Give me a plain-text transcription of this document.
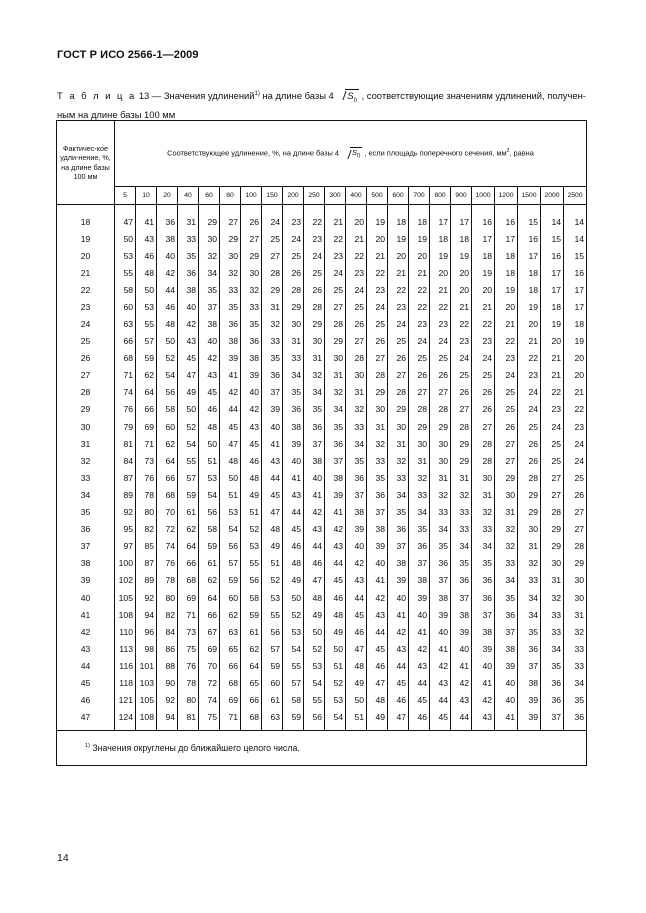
ГОСТ Р ИСО 2566-1—2009
Т а б л и ц а 13 — Значения удлинений$^{1)}$ на длине базы 4 $S_0$ , соответствующие значениям удлинений, получен-ным на длине базы 100 мм
Фактичес-кое удли-нение, %, на длине базы 100 мм	Соответствующее удлинение, %, на длине базы 4 $S_0$ , если площадь поперечного сечения, $мм^2$, равна																					
	5	10	20	40	60	80	100	150	200	250	300	400	500	600	700	800	900	1000	1200	1500	2000	2500
18	47	41	36	31	29	27	26	24	23	22	21	20	19	18	18	17	17	16	16	15	14	14
19	50	43	38	33	30	29	27	25	24	23	22	21	20	19	19	18	18	17	17	16	15	14
20	53	46	40	35	32	30	29	27	25	24	23	22	21	20	20	19	19	18	18	17	16	15
21	55	48	42	36	34	32	30	28	26	25	24	23	22	21	21	20	20	19	18	18	17	16
22	58	50	44	38	35	33	32	29	28	26	25	24	23	22	22	21	20	20	19	18	17	17
23	60	53	46	40	37	35	33	31	29	28	27	25	24	23	22	22	21	21	20	19	18	17
24	63	55	48	42	38	36	35	32	30	29	28	26	25	24	23	23	22	22	21	20	19	18
25	66	57	50	43	40	38	36	33	31	30	29	27	26	25	24	24	23	23	22	21	20	19
26	68	59	52	45	42	39	38	35	33	31	30	28	27	26	25	25	24	24	23	22	21	20
27	71	62	54	47	43	41	39	36	34	32	31	30	28	27	26	26	25	25	24	23	21	20
28	74	64	56	49	45	42	40	37	35	34	32	31	29	28	27	27	26	26	25	24	22	21
29	76	66	58	50	46	44	42	39	36	35	34	32	30	29	28	28	27	26	25	24	23	22
30	79	69	60	52	48	45	43	40	38	36	35	33	31	30	29	29	28	27	26	25	24	23
31	81	71	62	54	50	47	45	41	39	37	36	34	32	31	30	30	29	28	27	26	25	24
32	84	73	64	55	51	48	46	43	40	38	37	35	33	32	31	30	29	28	27	26	25	24
33	87	76	66	57	53	50	48	44	41	40	38	36	35	33	32	31	31	30	29	28	27	25
34	89	78	68	59	54	51	49	45	43	41	39	37	36	34	33	32	32	31	30	29	27	26
35	92	80	70	61	56	53	51	47	44	42	41	38	37	35	34	33	33	32	31	29	28	27
36	95	82	72	62	58	54	52	48	45	43	42	39	38	36	35	34	33	33	32	30	29	27
37	97	85	74	64	59	56	53	49	46	44	43	40	39	37	36	35	34	34	32	31	29	28
38	100	87	76	66	61	57	55	51	48	46	44	42	40	38	37	36	35	35	33	32	30	29
39	102	89	78	68	62	59	56	52	49	47	45	43	41	39	38	37	36	36	34	33	31	30
40	105	92	80	69	64	60	58	53	50	48	46	44	42	40	39	38	37	36	35	34	32	30
41	108	94	82	71	66	62	59	55	52	49	48	45	43	41	40	39	38	37	36	34	33	31
42	110	96	84	73	67	63	61	56	53	50	49	46	44	42	41	40	39	38	37	35	33	32
43	113	98	86	75	69	65	62	57	54	52	50	47	45	43	42	41	40	39	38	36	34	33
44	116	101	88	76	70	66	64	59	55	53	51	48	46	44	43	42	41	40	39	37	35	33
45	118	103	90	78	72	68	65	60	57	54	52	49	47	45	44	43	42	41	40	38	36	34
46	121	105	92	80	74	69	66	61	58	55	53	50	48	46	45	44	43	42	40	39	36	35
47	124	108	94	81	75	71	68	63	59	56	54	51	49	47	46	45	44	43	41	39	37	36
$^{1)}$ Значения округлены до ближайшего целого числа.																						
14
